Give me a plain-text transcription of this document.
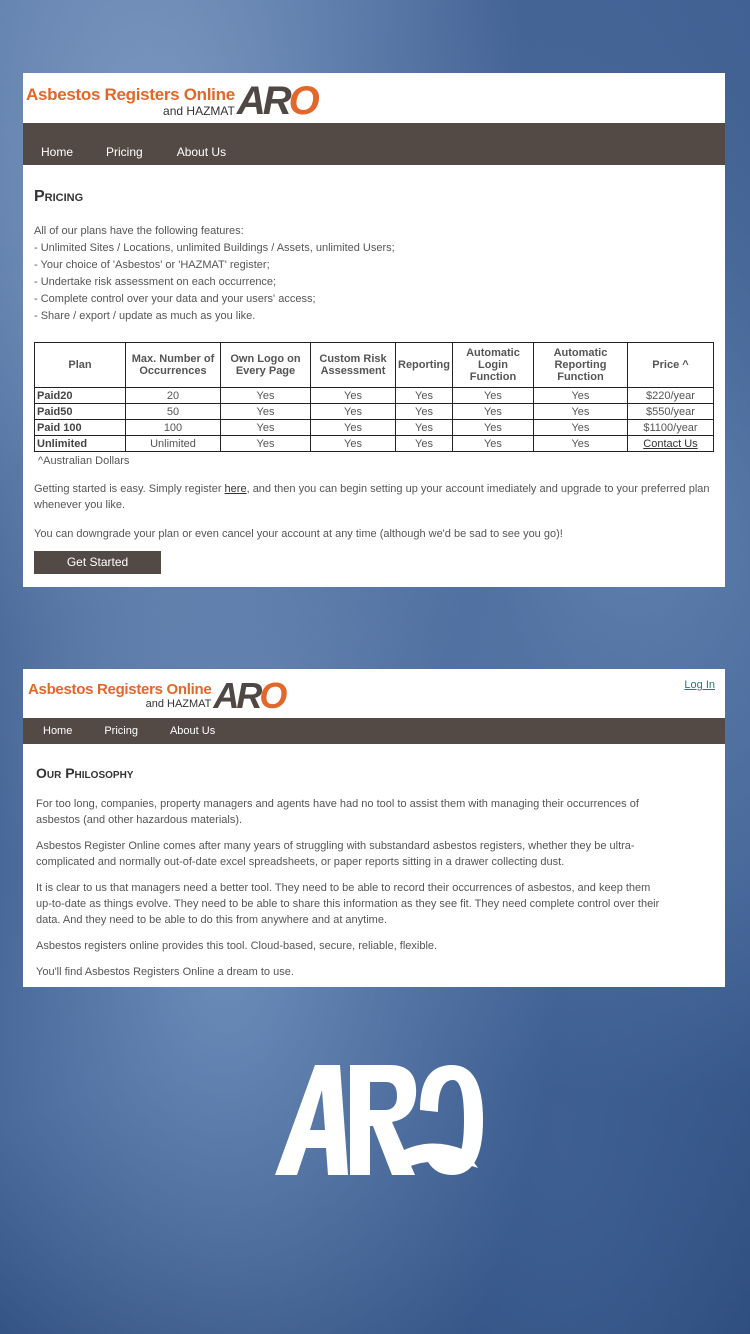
Asbestos Registers Online
and HAZMAT ARO
Home	Pricing	About Us
Pricing
All of our plans have the following features:
- Unlimited Sites / Locations, unlimited Buildings / Assets, unlimited Users;
- Your choice of 'Asbestos' or 'HAZMAT' register;
- Undertake risk assessment on each occurrence;
- Complete control over your data and your users' access;
- Share / export / update as much as you like.
Plan	Max. Number of Occurrences	Own Logo on Every Page	Custom Risk Assessment	Reporting	Automatic Login Function	Automatic Reporting Function	Price ^
Paid20	20	Yes	Yes	Yes	Yes	Yes	$220/year
Paid50	50	Yes	Yes	Yes	Yes	Yes	$550/year
Paid 100	100	Yes	Yes	Yes	Yes	Yes	$1100/year
Unlimited	Unlimited	Yes	Yes	Yes	Yes	Yes	Contact Us
^Australian Dollars

Getting started is easy. Simply register here, and then you can begin setting up your account imediately and upgrade to your preferred plan whenever you like.

You can downgrade your plan or even cancel your account at any time (although we'd be sad to see you go)!

Get Started
Asbestos Registers Online
and HAZMAT ARO	Log In
Home	Pricing	About Us
Our Philosophy

For too long, companies, property managers and agents have had no tool to assist them with managing their occurrences of asbestos (and other hazardous materials).

Asbestos Register Online comes after many years of struggling with substandard asbestos registers, whether they be ultra-complicated and normally out-of-date excel spreadsheets, or paper reports sitting in a drawer collecting dust.

It is clear to us that managers need a better tool. They need to be able to record their occurrences of asbestos, and keep them up-to-date as things evolve. They need to be able to share this information as they see fit. They need complete control over their data. And they need to be able to do this from anywhere and at anytime.

Asbestos registers online provides this tool. Cloud-based, secure, reliable, flexible.

You'll find Asbestos Registers Online a dream to use.
